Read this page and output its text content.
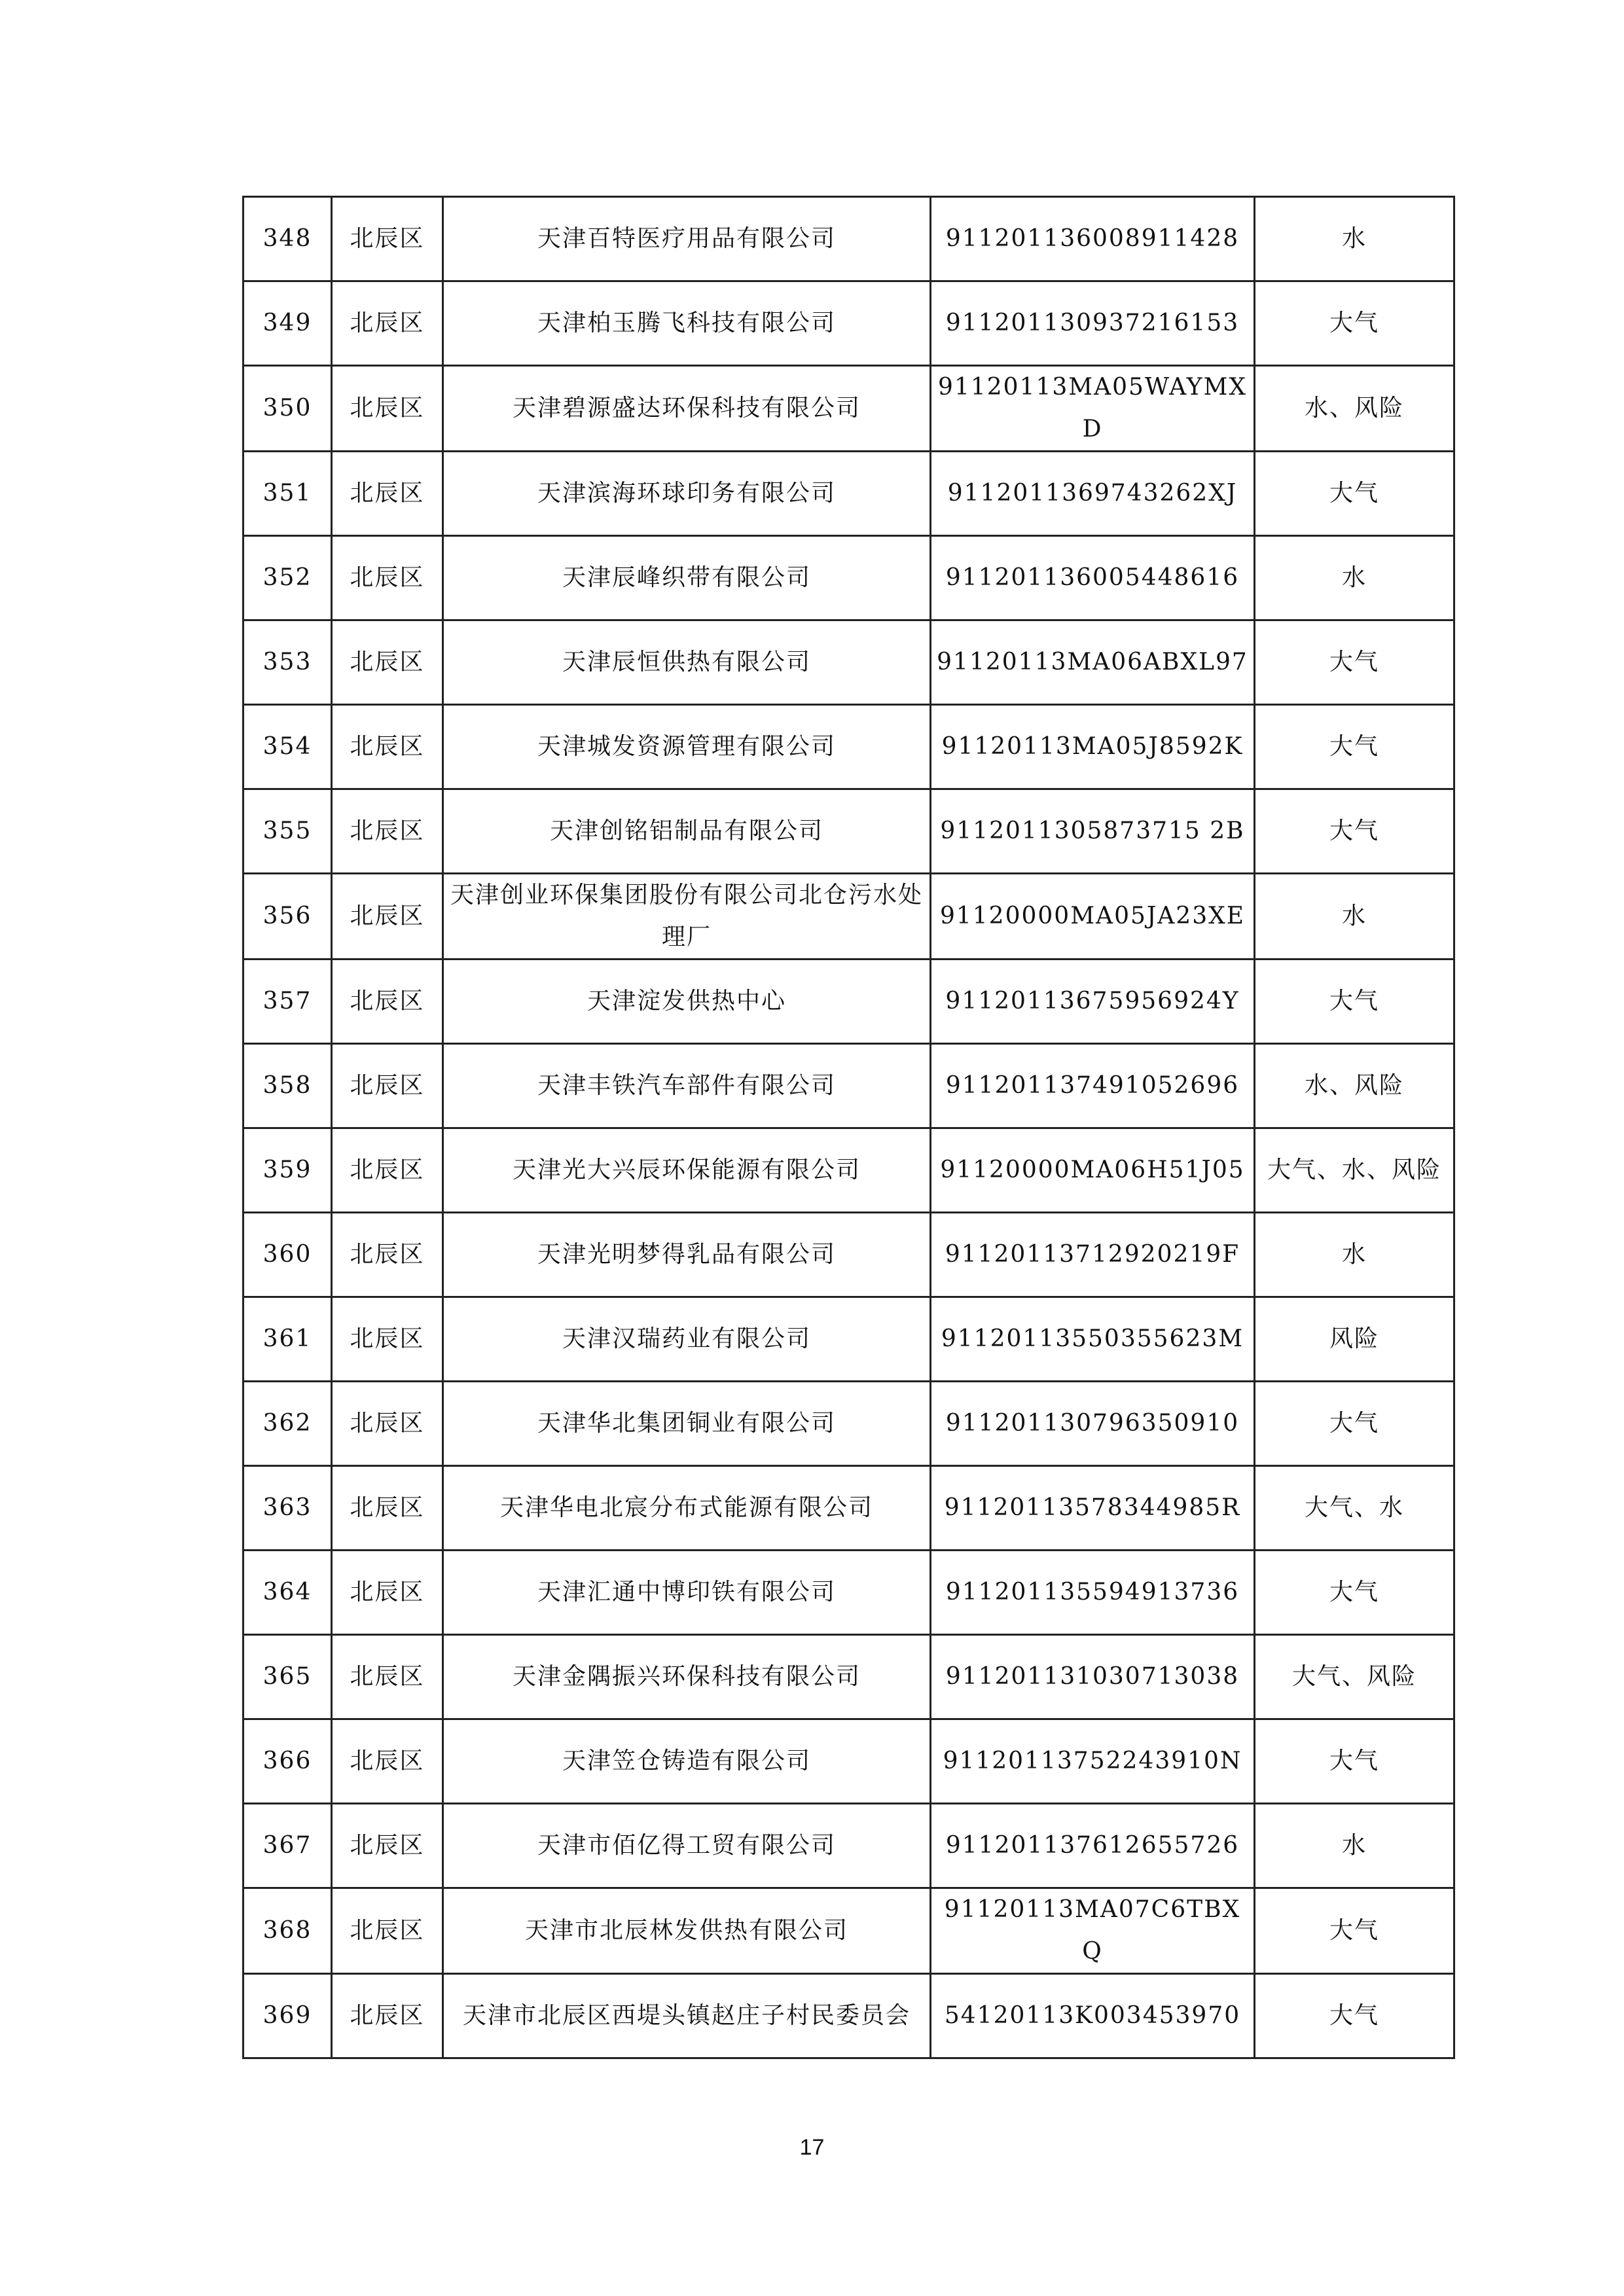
348	北辰区	天津百特医疗用品有限公司	911201136008911428	水
349	北辰区	天津柏玉腾飞科技有限公司	911201130937216153	大气
350	北辰区	天津碧源盛达环保科技有限公司	91120113MA05WAYMXD	水、风险
351	北辰区	天津滨海环球印务有限公司	9112011369743262XJ	大气
352	北辰区	天津辰峰织带有限公司	911201136005448616	水
353	北辰区	天津辰恒供热有限公司	91120113MA06ABXL97	大气
354	北辰区	天津城发资源管理有限公司	91120113MA05J8592K	大气
355	北辰区	天津创铭铝制品有限公司	9112011305873715 2B	大气
356	北辰区	天津创业环保集团股份有限公司北仓污水处理厂	91120000MA05JA23XE	水
357	北辰区	天津淀发供热中心	91120113675956924Y	大气
358	北辰区	天津丰铁汽车部件有限公司	911201137491052696	水、风险
359	北辰区	天津光大兴辰环保能源有限公司	91120000MA06H51J05	大气、水、风险
360	北辰区	天津光明梦得乳品有限公司	91120113712920219F	水
361	北辰区	天津汉瑞药业有限公司	91120113550355623M	风险
362	北辰区	天津华北集团铜业有限公司	911201130796350910	大气
363	北辰区	天津华电北宸分布式能源有限公司	91120113578344985R	大气、水
364	北辰区	天津汇通中博印铁有限公司	911201135594913736	大气
365	北辰区	天津金隅振兴环保科技有限公司	911201131030713038	大气、风险
366	北辰区	天津笠仓铸造有限公司	91120113752243910N	大气
367	北辰区	天津市佰亿得工贸有限公司	911201137612655726	水
368	北辰区	天津市北辰林发供热有限公司	91120113MA07C6TBXQ	大气
369	北辰区	天津市北辰区西堤头镇赵庄子村民委员会	54120113K003453970	大气
17
